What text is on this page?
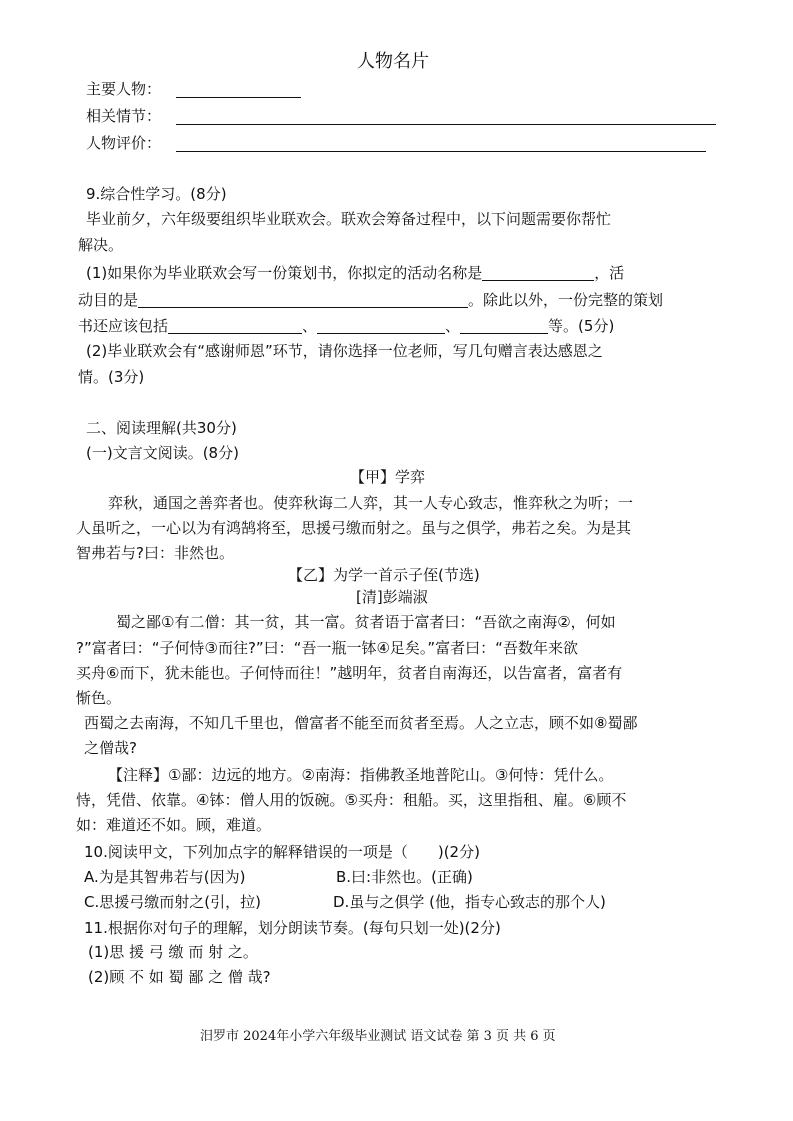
人物名片
主要人物：
相关情节：
人物评价：
9.综合性学习。(8分)
毕业前夕，六年级要组织毕业联欢会。联欢会筹备过程中，以下问题需要你帮忙
解决。
(1)如果你为毕业联欢会写一份策划书，你拟定的活动名称是	，活
动目的是	。除此以外，一份完整的策划
书还应该包括	、	、	等。(5分)
(2)毕业联欢会有“感谢师恩”环节，请你选择一位老师，写几句赠言表达感恩之
情。(3分)
二、阅读理解(共30分)
(一)文言文阅读。(8分)
【甲】学弈
弈秋，通国之善弈者也。使弈秋诲二人弈，其一人专心致志，惟弈秋之为听；一
人虽听之，一心以为有鸿鹄将至，思援弓缴而射之。虽与之俱学，弗若之矣。为是其
智弗若与?曰：非然也。
【乙】为学一首示子侄(节选)
[清]彭端淑
蜀之鄙①有二僧：其一贫，其一富。贫者语于富者曰：“吾欲之南海②，何如
?”富者曰：“子何恃③而往?”曰：“吾一瓶一钵④足矣。”富者曰：“吾数年来欲
买舟⑥而下，犹未能也。子何恃而往！”越明年，贫者自南海还，以告富者，富者有
惭色。
西蜀之去南海，不知几千里也，僧富者不能至而贫者至焉。人之立志，顾不如⑧蜀鄙
之僧哉?
【注释】①鄙：边远的地方。②南海：指佛教圣地普陀山。③何恃：凭什么。
恃，凭借、依靠。④钵：僧人用的饭碗。⑤买舟：租船。买，这里指租、雇。⑥顾不
如：难道还不如。顾，难道。
10.阅读甲文，下列加点字的解释错误的一项是（　　)(2分)
A.为是其智弗若与(因为)	B.曰:非然也。(正确)
C.思援弓缴而射之(引，拉)	D.虽与之俱学 (他，指专心致志的那个人)
11.根据你对句子的理解，划分朗读节奏。(每句只划一处)(2分)
(1)思 援 弓 缴 而 射 之。
(2)顾 不 如 蜀 鄙 之 僧 哉?
汨罗市 2024年小学六年级毕业测试 语文试卷 第 3 页 共 6 页
